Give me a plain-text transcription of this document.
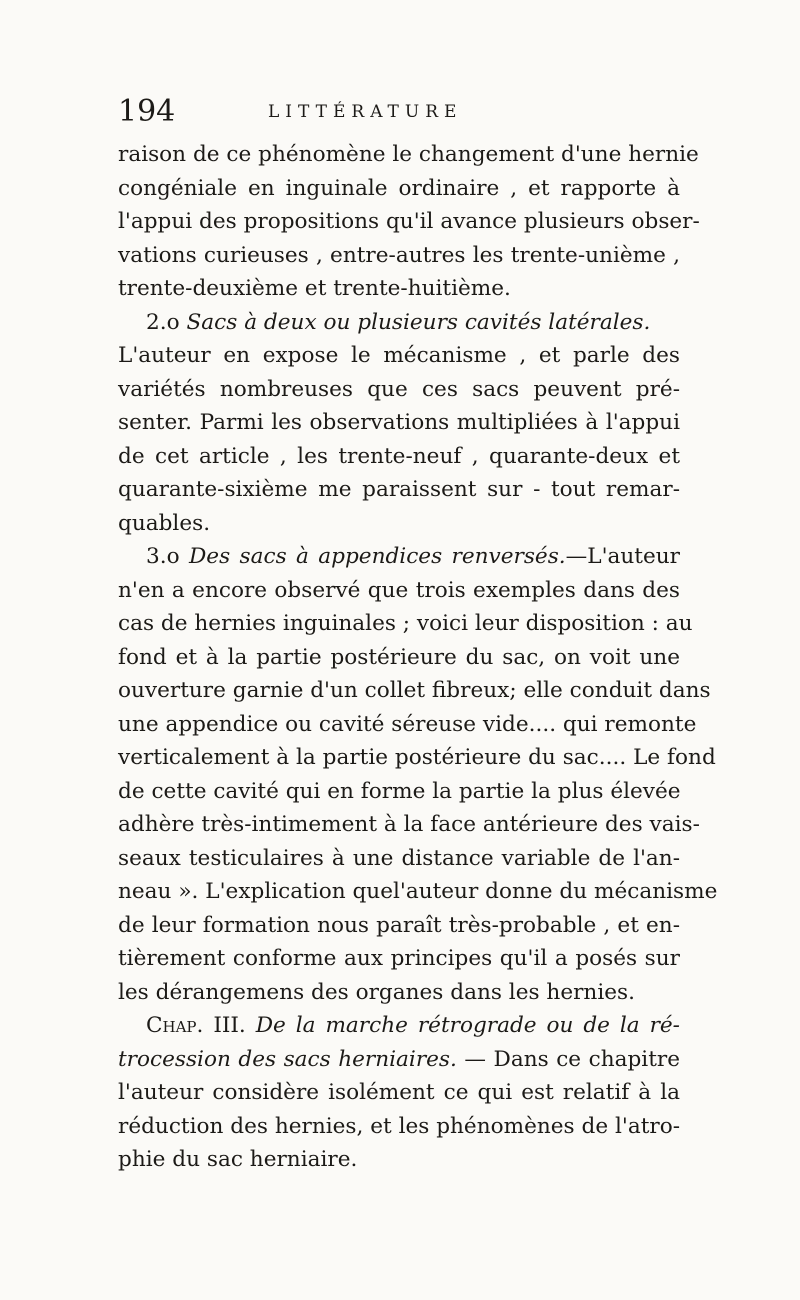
194	LITTÉRATURE

raison de ce phénomène le changement d'une hernie
congéniale en inguinale ordinaire , et rapporte à
l'appui des propositions qu'il avance plusieurs obser-
vations curieuses , entre-autres les trente-unième ,
trente-deuxième et trente-huitième.

2.o Sacs à deux ou plusieurs cavités latérales.
L'auteur en expose le mécanisme , et parle des
variétés nombreuses que ces sacs peuvent pré-
senter. Parmi les observations multipliées à l'appui
de cet article , les trente-neuf , quarante-deux et
quarante-sixième me paraissent sur - tout remar-
quables.

3.o Des sacs à appendices renversés.—L'auteur
n'en a encore observé que trois exemples dans des
cas de hernies inguinales ; voici leur disposition : au
fond et à la partie postérieure du sac, on voit une
ouverture garnie d'un collet fibreux; elle conduit dans
une appendice ou cavité séreuse vide.... qui remonte
verticalement à la partie postérieure du sac.... Le fond
de cette cavité qui en forme la partie la plus élevée
adhère très-intimement à la face antérieure des vais-
seaux testiculaires à une distance variable de l'an-
neau ». L'explication quel'auteur donne du mécanisme
de leur formation nous paraît très-probable , et en-
tièrement conforme aux principes qu'il a posés sur
les dérangemens des organes dans les hernies.

Chap. III. De la marche rétrograde ou de la ré-
trocession des sacs herniaires. — Dans ce chapitre
l'auteur considère isolément ce qui est relatif à la
réduction des hernies, et les phénomènes de l'atro-
phie du sac herniaire.
